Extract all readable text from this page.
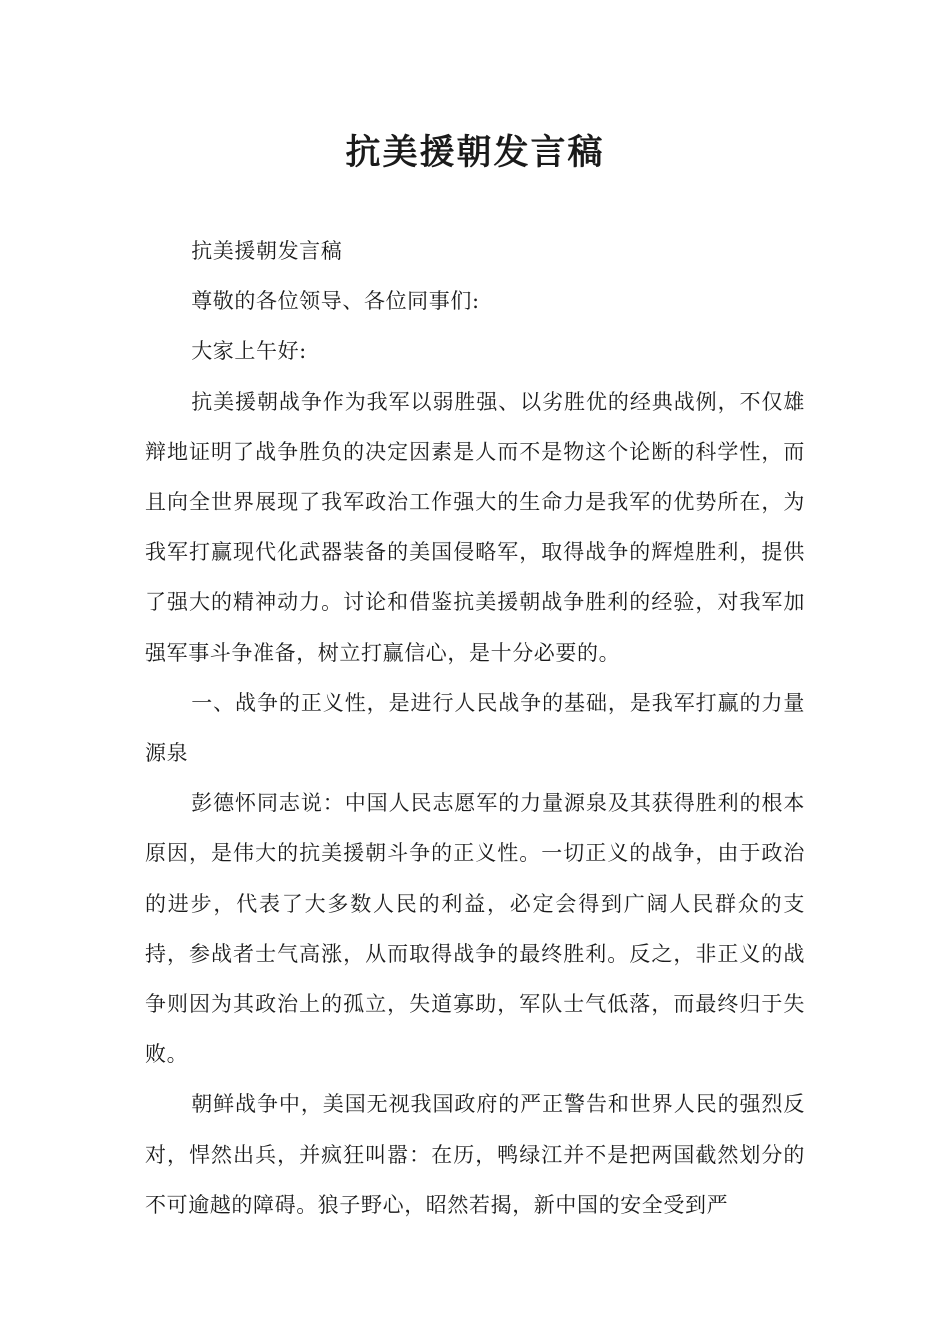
抗美援朝发言稿

抗美援朝发言稿

尊敬的各位领导、各位同事们:

大家上午好:

抗美援朝战争作为我军以弱胜强、以劣胜优的经典战例，不仅雄辩地证明了战争胜负的决定因素是人而不是物这个论断的科学性，而且向全世界展现了我军政治工作强大的生命力是我军的优势所在，为我军打赢现代化武器装备的美国侵略军，取得战争的辉煌胜利，提供了强大的精神动力。讨论和借鉴抗美援朝战争胜利的经验，对我军加强军事斗争准备，树立打赢信心，是十分必要的。

一、战争的正义性，是进行人民战争的基础，是我军打赢的力量源泉

彭德怀同志说：中国人民志愿军的力量源泉及其获得胜利的根本原因，是伟大的抗美援朝斗争的正义性。一切正义的战争，由于政治的进步，代表了大多数人民的利益，必定会得到广阔人民群众的支持，参战者士气高涨，从而取得战争的最终胜利。反之，非正义的战争则因为其政治上的孤立，失道寡助，军队士气低落，而最终归于失败。

朝鲜战争中，美国无视我国政府的严正警告和世界人民的强烈反对，悍然出兵，并疯狂叫嚣：在历，鸭绿江并不是把两国截然划分的不可逾越的障碍。狼子野心，昭然若揭，新中国的安全受到严
